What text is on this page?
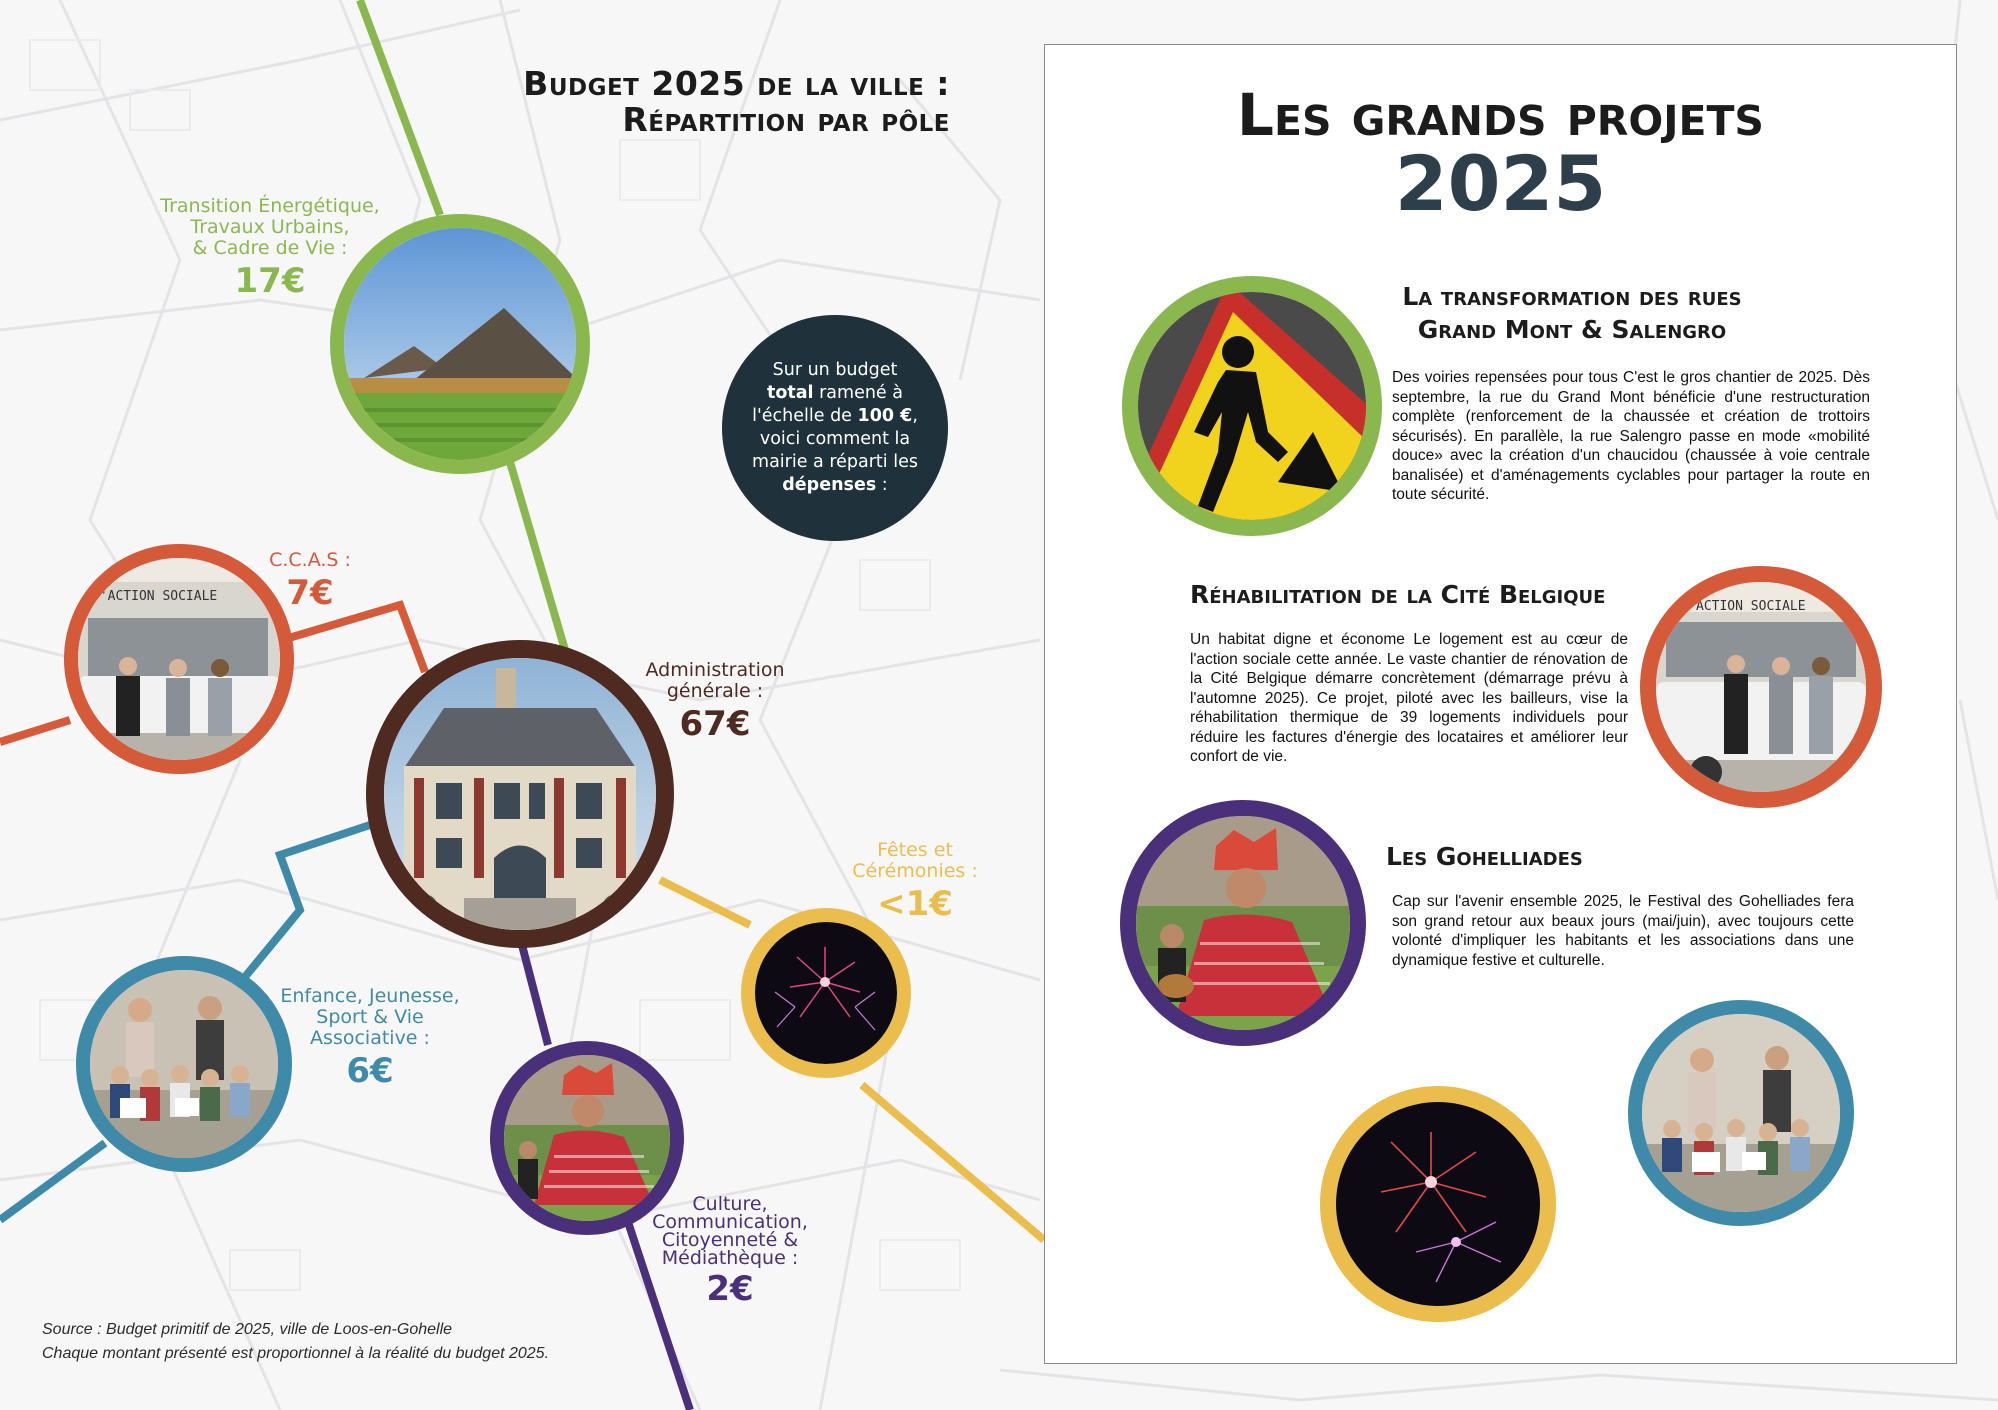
Budget 2025 de la ville :
Répartition par pôle
Sur un budget total ramené à l'échelle de 100 €, voici comment la mairie a réparti les dépenses :
Transition Énergétique,
Travaux Urbains,
& Cadre de Vie :
17€
D'ACTION SOCIALE
C.C.A.S :
7€
Administration
générale :
67€
Fêtes et
Cérémonies :
<1€
Enfance, Jeunesse,
Sport & Vie
Associative :
6€
Culture,
Communication,
Citoyenneté &
Médiathèque :
2€
Source : Budget primitif de 2025, ville de Loos-en-Gohelle
Chaque montant présenté est proportionnel à la réalité du budget 2025.
Les grands projets
2025
La transformation des rues
Grand Mont & Salengro
Des voiries repensées pour tous C'est le gros chantier de 2025. Dès septembre, la rue du Grand Mont bénéficie d'une restructuration complète (renforcement de la chaussée et création de trottoirs sécurisés). En parallèle, la rue Salengro passe en mode «mobilité douce» avec la création d'un chaucidou (chaussée à voie centrale banalisée) et d'aménagements cyclables pour partager la route en toute sécurité.
Réhabilitation de la Cité Belgique
Un habitat digne et économe Le logement est au cœur de l'action sociale cette année. Le vaste chantier de rénovation de la Cité Belgique démarre concrètement (démarrage prévu à l'automne 2025). Ce projet, piloté avec les bailleurs, vise la réhabilitation thermique de 39 logements individuels pour réduire les factures d'énergie des locataires et améliorer leur confort de vie.
ACTION SOCIALE
Les Gohelliades
Cap sur l'avenir ensemble 2025, le Festival des Gohelliades fera son grand retour aux beaux jours (mai/juin), avec toujours cette volonté d'impliquer les habitants et les associations dans une dynamique festive et culturelle.
